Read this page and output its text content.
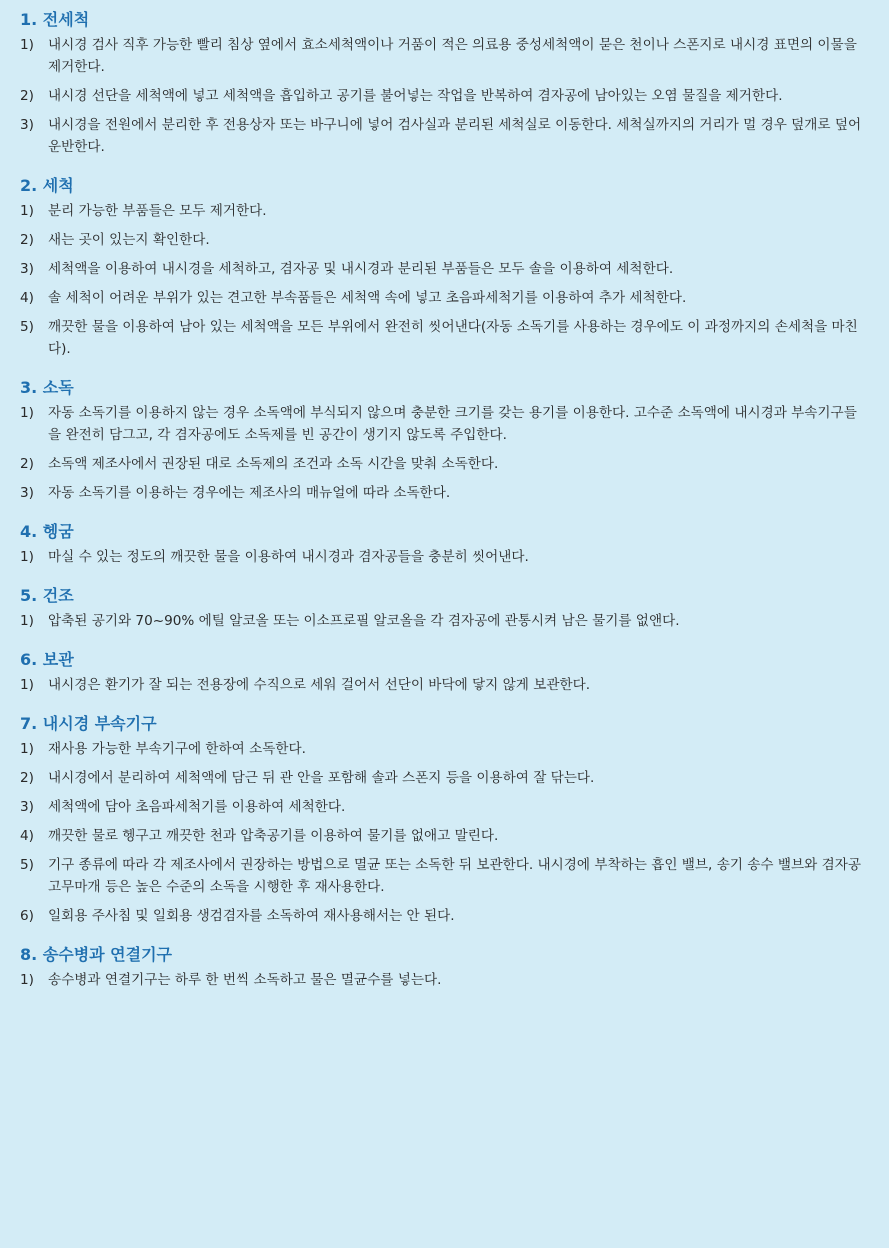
1. 전세척
1)	내시경 검사 직후 가능한 빨리 침상 옆에서 효소세척액이나 거품이 적은 의료용 중성세척액이 묻은 천이나 스폰지로 내시경 표면의 이물을 제거한다.
2)	내시경 선단을 세척액에 넣고 세척액을 흡입하고 공기를 불어넣는 작업을 반복하여 겸자공에 남아있는 오염 물질을 제거한다.
3)	내시경을 전원에서 분리한 후 전용상자 또는 바구니에 넣어 검사실과 분리된 세척실로 이동한다. 세척실까지의 거리가 멀 경우 덮개로 덮어 운반한다.
2. 세척
1)	분리 가능한 부품들은 모두 제거한다.
2)	새는 곳이 있는지 확인한다.
3)	세척액을 이용하여 내시경을 세척하고, 겸자공 및 내시경과 분리된 부품들은 모두 솔을 이용하여 세척한다.
4)	솔 세척이 어려운 부위가 있는 견고한 부속품들은 세척액 속에 넣고 초음파세척기를 이용하여 추가 세척한다.
5)	깨끗한 물을 이용하여 남아 있는 세척액을 모든 부위에서 완전히 씻어낸다(자동 소독기를 사용하는 경우에도 이 과정까지의 손세척을 마친다).
3. 소독
1)	자동 소독기를 이용하지 않는 경우 소독액에 부식되지 않으며 충분한 크기를 갖는 용기를 이용한다. 고수준 소독액에 내시경과 부속기구들을 완전히 담그고, 각 겸자공에도 소독제를 빈 공간이 생기지 않도록 주입한다.
2)	소독액 제조사에서 권장된 대로 소독제의 조건과 소독 시간을 맞춰 소독한다.
3)	자동 소독기를 이용하는 경우에는 제조사의 매뉴얼에 따라 소독한다.
4. 헹굼
1)	마실 수 있는 정도의 깨끗한 물을 이용하여 내시경과 겸자공들을 충분히 씻어낸다.
5. 건조
1)	압축된 공기와 70~90% 에틸 알코올 또는 이소프로필 알코올을 각 겸자공에 관통시켜 남은 물기를 없앤다.
6. 보관
1)	내시경은 환기가 잘 되는 전용장에 수직으로 세워 걸어서 선단이 바닥에 닿지 않게 보관한다.
7. 내시경 부속기구
1)	재사용 가능한 부속기구에 한하여 소독한다.
2)	내시경에서 분리하여 세척액에 담근 뒤 관 안을 포함해 솔과 스폰지 등을 이용하여 잘 닦는다.
3)	세척액에 담아 초음파세척기를 이용하여 세척한다.
4)	깨끗한 물로 헹구고 깨끗한 천과 압축공기를 이용하여 물기를 없애고 말린다.
5)	기구 종류에 따라 각 제조사에서 권장하는 방법으로 멸균 또는 소독한 뒤 보관한다. 내시경에 부착하는 흡인 밸브, 송기 송수 밸브와 겸자공 고무마개 등은 높은 수준의 소독을 시행한 후 재사용한다.
6)	일회용 주사침 및 일회용 생검겸자를 소독하여 재사용해서는 안 된다.
8. 송수병과 연결기구
1)	송수병과 연결기구는 하루 한 번씩 소독하고 물은 멸균수를 넣는다.
